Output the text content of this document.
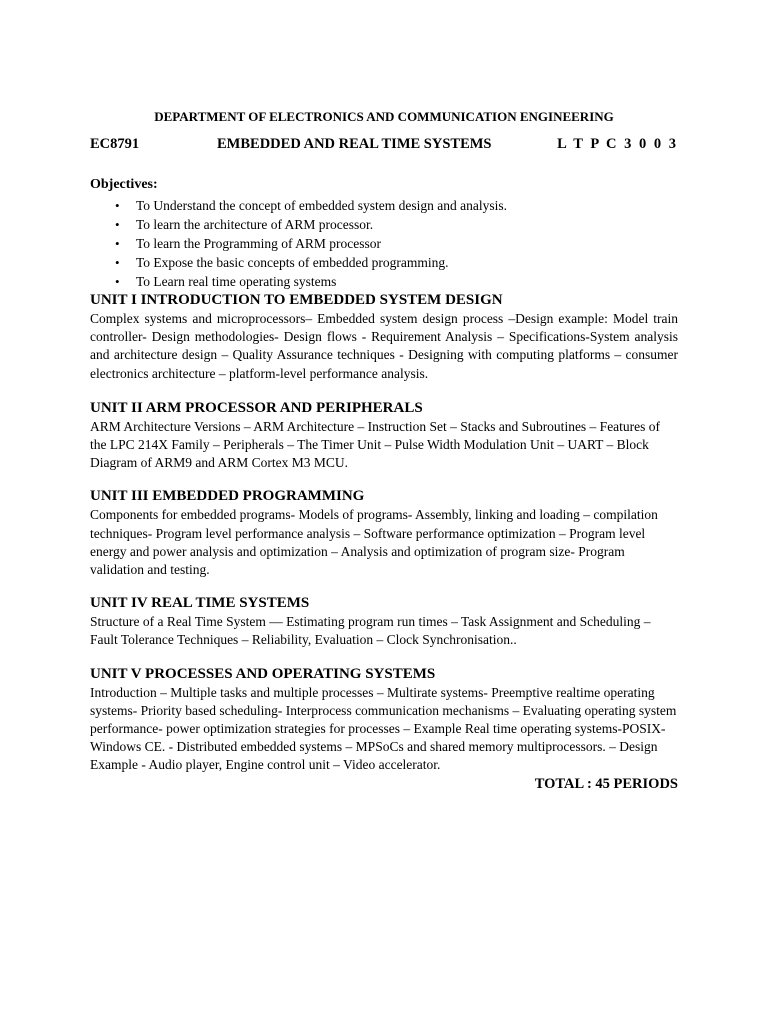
DEPARTMENT OF ELECTRONICS AND COMMUNICATION ENGINEERING

EC8791	EMBEDDED AND REAL TIME SYSTEMS	L T P C 3 0 0 3
Objectives:
• To Understand the concept of embedded system design and analysis.
• To learn the architecture of ARM processor.
• To learn the Programming of ARM processor
• To Expose the basic concepts of embedded programming.
• To Learn real time operating systems

UNIT I INTRODUCTION TO EMBEDDED SYSTEM DESIGN

Complex systems and microprocessors– Embedded system design process –Design example: Model train controller- Design methodologies- Design flows - Requirement Analysis – Specifications-System analysis and architecture design – Quality Assurance techniques - Designing with computing platforms – consumer electronics architecture – platform-level performance analysis.

UNIT II ARM PROCESSOR AND PERIPHERALS

ARM Architecture Versions – ARM Architecture – Instruction Set – Stacks and Subroutines – Features of the LPC 214X Family – Peripherals – The Timer Unit – Pulse Width Modulation Unit – UART – Block Diagram of ARM9 and ARM Cortex M3 MCU.

UNIT III EMBEDDED PROGRAMMING

Components for embedded programs- Models of programs- Assembly, linking and loading – compilation techniques- Program level performance analysis – Software performance optimization – Program level energy and power analysis and optimization – Analysis and optimization of program size- Program validation and testing.

UNIT IV REAL TIME SYSTEMS

Structure of a Real Time System –– Estimating program run times – Task Assignment and Scheduling – Fault Tolerance Techniques – Reliability, Evaluation – Clock Synchronisation..

UNIT V PROCESSES AND OPERATING SYSTEMS

Introduction – Multiple tasks and multiple processes – Multirate systems- Preemptive realtime operating systems- Priority based scheduling- Interprocess communication mechanisms – Evaluating operating system performance- power optimization strategies for processes – Example Real time operating systems-POSIX-Windows CE. - Distributed embedded systems – MPSoCs and shared memory multiprocessors. – Design Example - Audio player, Engine control unit – Video accelerator.

TOTAL : 45 PERIODS
